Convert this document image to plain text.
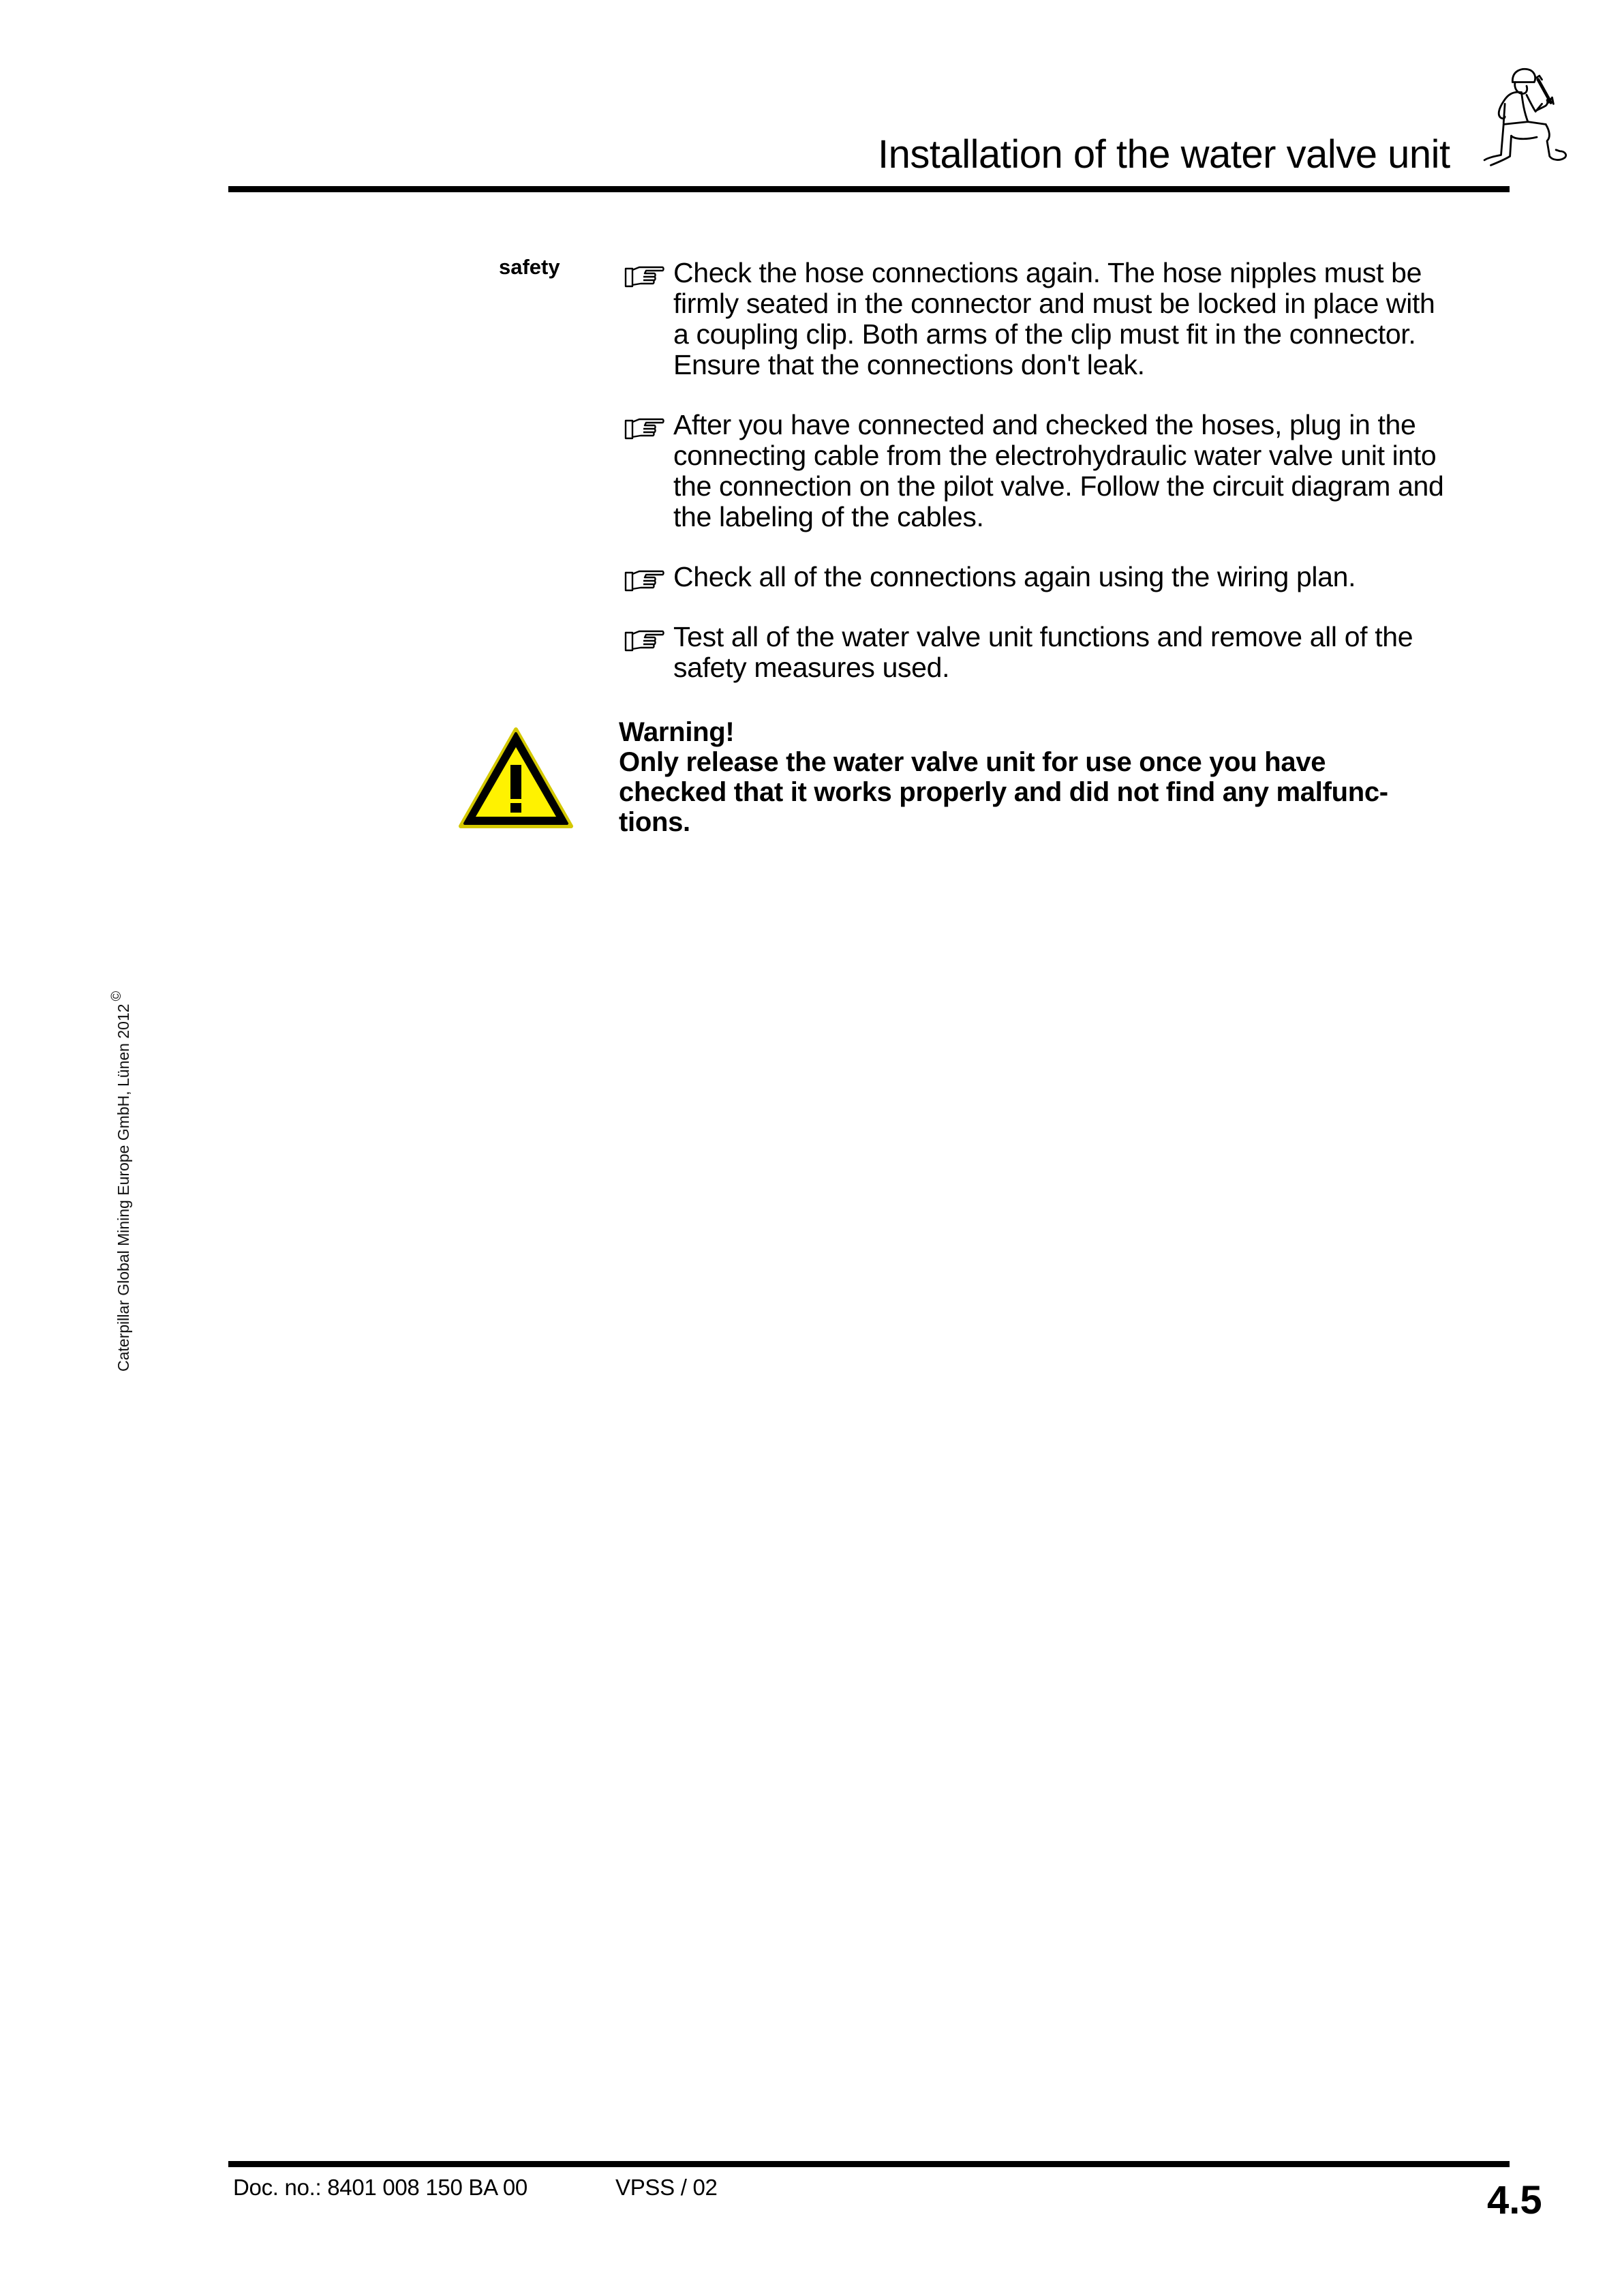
Installation of the water valve unit
Caterpillar Global Mining Europe GmbH, Lünen 2012©
safety	Check the hose connections again. The hose nipples must be
firmly seated in the connector and must be locked in place with
a coupling clip. Both arms of the clip must fit in the connector.
Ensure that the connections don't leak.
After you have connected and checked the hoses, plug in the
connecting cable from the electrohydraulic water valve unit into
the connection on the pilot valve. Follow the circuit diagram and
the labeling of the cables.
Check all of the connections again using the wiring plan.
Test all of the water valve unit functions and remove all of the
safety measures used.
Warning!
Only release the water valve unit for use once you have
checked that it works properly and did not find any malfunc-
tions.
Doc. no.: 8401 008 150 BA 00	VPSS / 02	4.5
